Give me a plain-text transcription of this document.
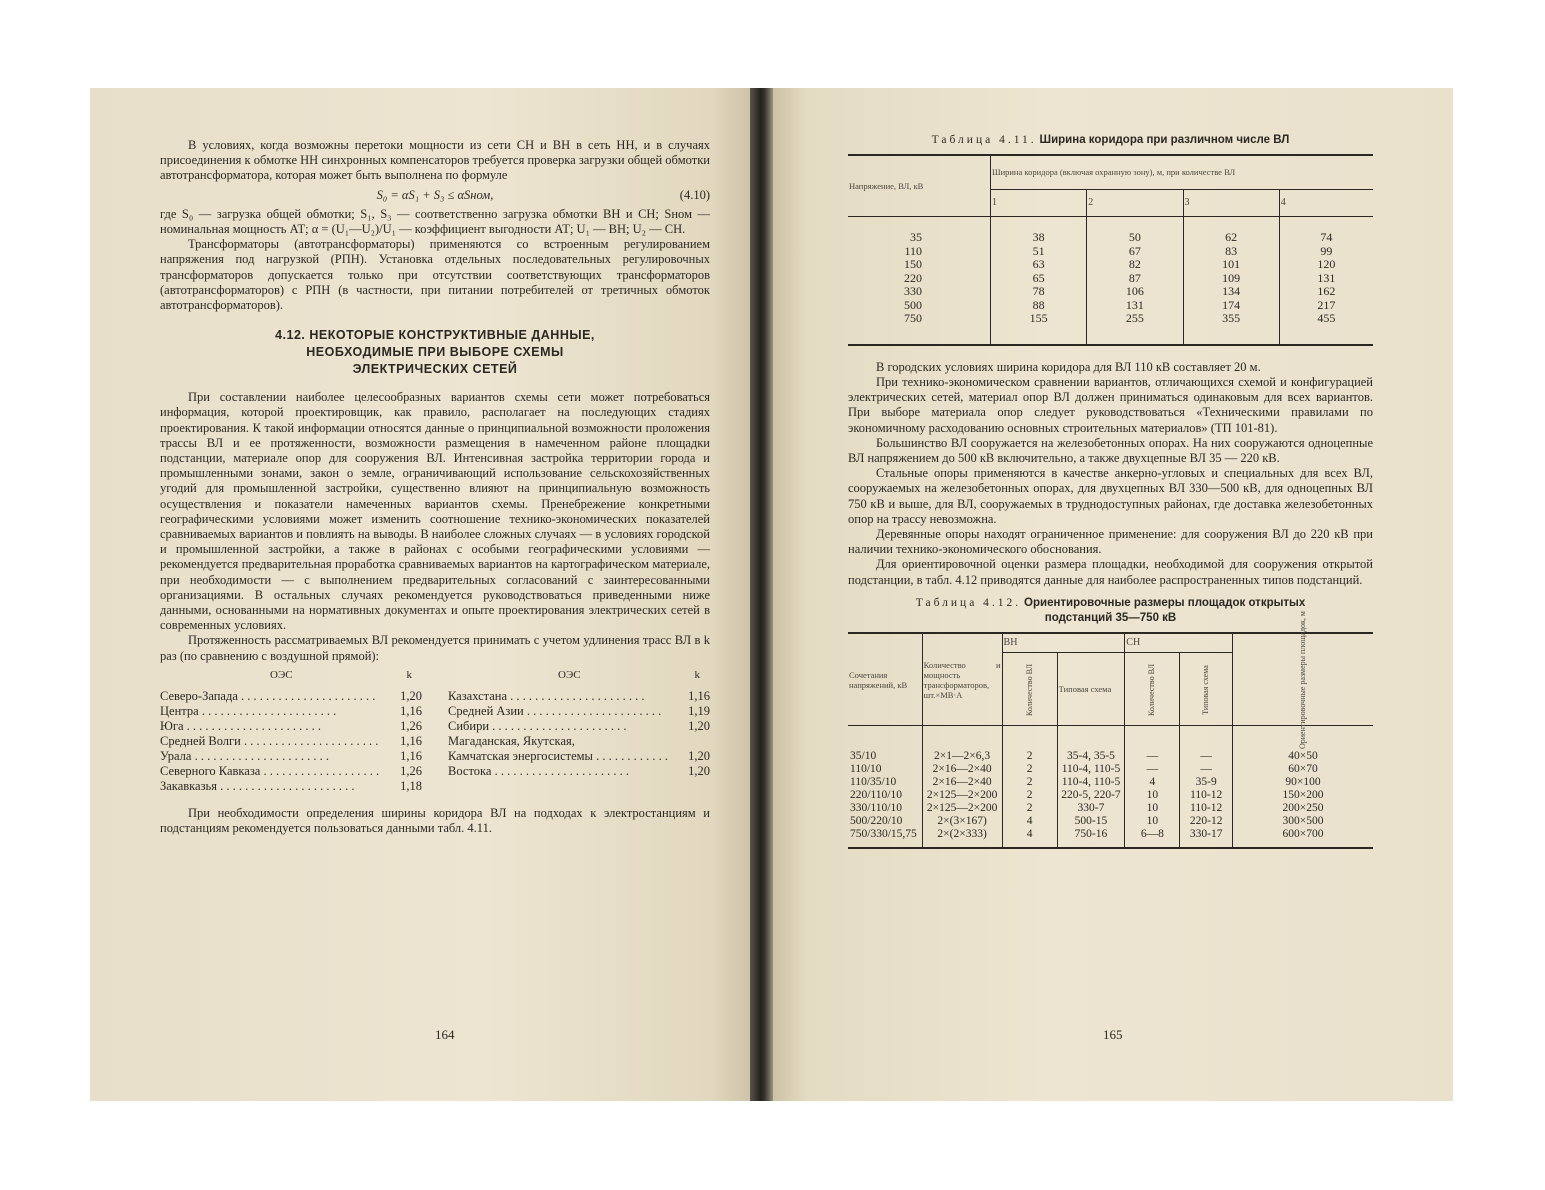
В условиях, когда возможны перетоки мощности из сети СН и ВН в сеть НН, и в случаях присоединения к обмотке НН синхронных компенсаторов требуется проверка загрузки общей обмотки автотрансформатора, которая может быть выполнена по формуле

S₀ = αS₁ + S₃ ≤ αSном,	(4.10)

где S₀ — загрузка общей обмотки; S₁, S₃ — соответственно загрузка обмотки ВН и СН; Sном — номинальная мощность АТ; α = (U₁—U₂)/U₁ — коэффициент выгодности АТ; U₁ — ВН; U₂ — СН.

Трансформаторы (автотрансформаторы) применяются со встроенным регулированием напряжения под нагрузкой (РПН). Установка отдельных последовательных регулировочных трансформаторов допускается только при отсутствии соответствующих трансформаторов (автотрансформаторов) с РПН (в частности, при питании потребителей от третичных обмоток автотрансформаторов).

4.12. НЕКОТОРЫЕ КОНСТРУКТИВНЫЕ ДАННЫЕ,
НЕОБХОДИМЫЕ ПРИ ВЫБОРЕ СХЕМЫ
ЭЛЕКТРИЧЕСКИХ СЕТЕЙ

При составлении наиболее целесообразных вариантов схемы сети может потребоваться информация, которой проектировщик, как правило, располагает на последующих стадиях проектирования. К такой информации относятся данные о принципиальной возможности проложения трассы ВЛ и ее протяженности, возможности размещения в намеченном районе площадки подстанции, материале опор для сооружения ВЛ. Интенсивная застройка территории города и промышленными зонами, закон о земле, ограничивающий использование сельскохозяйственных угодий для промышленной застройки, существенно влияют на принципиальную возможность осуществления и показатели намеченных вариантов схемы. Пренебрежение конкретными географическими условиями может изменить соотношение технико-экономических показателей сравниваемых вариантов и повлиять на выводы. В наиболее сложных случаях — в условиях городской и промышленной застройки, а также в районах с особыми географическими условиями — рекомендуется предварительная проработка сравниваемых вариантов на картографическом материале, при необходимости — с выполнением предварительных согласований с заинтересованными организациями. В остальных случаях рекомендуется руководствоваться приведенными ниже данными, основанными на нормативных документах и опыте проектирования электрических сетей в современных условиях.

Протяженность рассматриваемых ВЛ рекомендуется принимать с учетом удлинения трасс ВЛ в k раз (по сравнению с воздушной прямой):

ОЭС	k
Северо-Запада . . .	1,20
Центра . . .	1,16
Юга . . .	1,26
Средней Волги . . .	1,16
Урала . . .	1,16
Северного Кавказа . . .	1,26
Закавказья . . .	1,18
ОЭС	k
Казахстана . . .	1,16
Средней Азии . . .	1,19
Сибири . . .	1,20
Магаданская, Якутская,
Камчатская энергосистемы . . .	1,20
Востока . . .	1,20

При необходимости определения ширины коридора ВЛ на подходах к электростанциям и подстанциям рекомендуется пользоваться данными табл. 4.11.

164
Таблица 4.11. Ширина коридора при различном числе ВЛ
Напряжение, ВЛ, кВ	Ширина коридора (включая охранную зону), м, при количестве ВЛ			
	1	2	3	4
35	38	50	62	74
110	51	67	83	99
150	63	82	101	120
220	65	87	109	131
330	78	106	134	162
500	88	131	174	217
750	155	255	355	455

В городских условиях ширина коридора для ВЛ 110 кВ составляет 20 м.

При технико-экономическом сравнении вариантов, отличающихся схемой и конфигурацией электрических сетей, материал опор ВЛ должен приниматься одинаковым для всех вариантов. При выборе материала опор следует руководствоваться «Техническими правилами по экономичному расходованию основных строительных материалов» (ТП 101-81).

Большинство ВЛ сооружается на железобетонных опорах. На них сооружаются одноцепные ВЛ напряжением до 500 кВ включительно, а также двухцепные ВЛ 35 — 220 кВ.

Стальные опоры применяются в качестве анкерно-угловых и специальных для всех ВЛ, сооружаемых на железобетонных опорах, для двухцепных ВЛ 330—500 кВ, для одноцепных ВЛ 750 кВ и выше, для ВЛ, сооружаемых в труднодоступных районах, где доставка железобетонных опор на трассу невозможна.

Деревянные опоры находят ограниченное применение: для сооружения ВЛ до 220 кВ при наличии технико-экономического обоснования.

Для ориентировочной оценки размера площадки, необходимой для сооружения открытой подстанции, в табл. 4.12 приводятся данные для наиболее распространенных типов подстанций.

Таблица 4.12. Ориентировочные размеры площадок открытых
подстанций 35—750 кВ
Сочетания напряжений, кВ	Количество и мощность трансформаторов, шт.×МВ·А	ВН		СН		Ориентировочные размеры площадок, м
		Количество ВЛ	Типовая схема	Количество ВЛ	Типовая схема	
35/10	2×1—2×6,3	2	35-4, 35-5	—	—	40×50
110/10	2×16—2×40	2	110-4, 110-5	—	—	60×70
110/35/10	2×16—2×40	2	110-4, 110-5	4	35-9	90×100
220/110/10	2×125—2×200	2	220-5, 220-7	10	110-12	150×200
330/110/10	2×125—2×200	2	330-7	10	110-12	200×250
500/220/10	2×(3×167)	4	500-15	10	220-12	300×500
750/330/15,75	2×(2×333)	4	750-16	6—8	330-17	600×700
165
